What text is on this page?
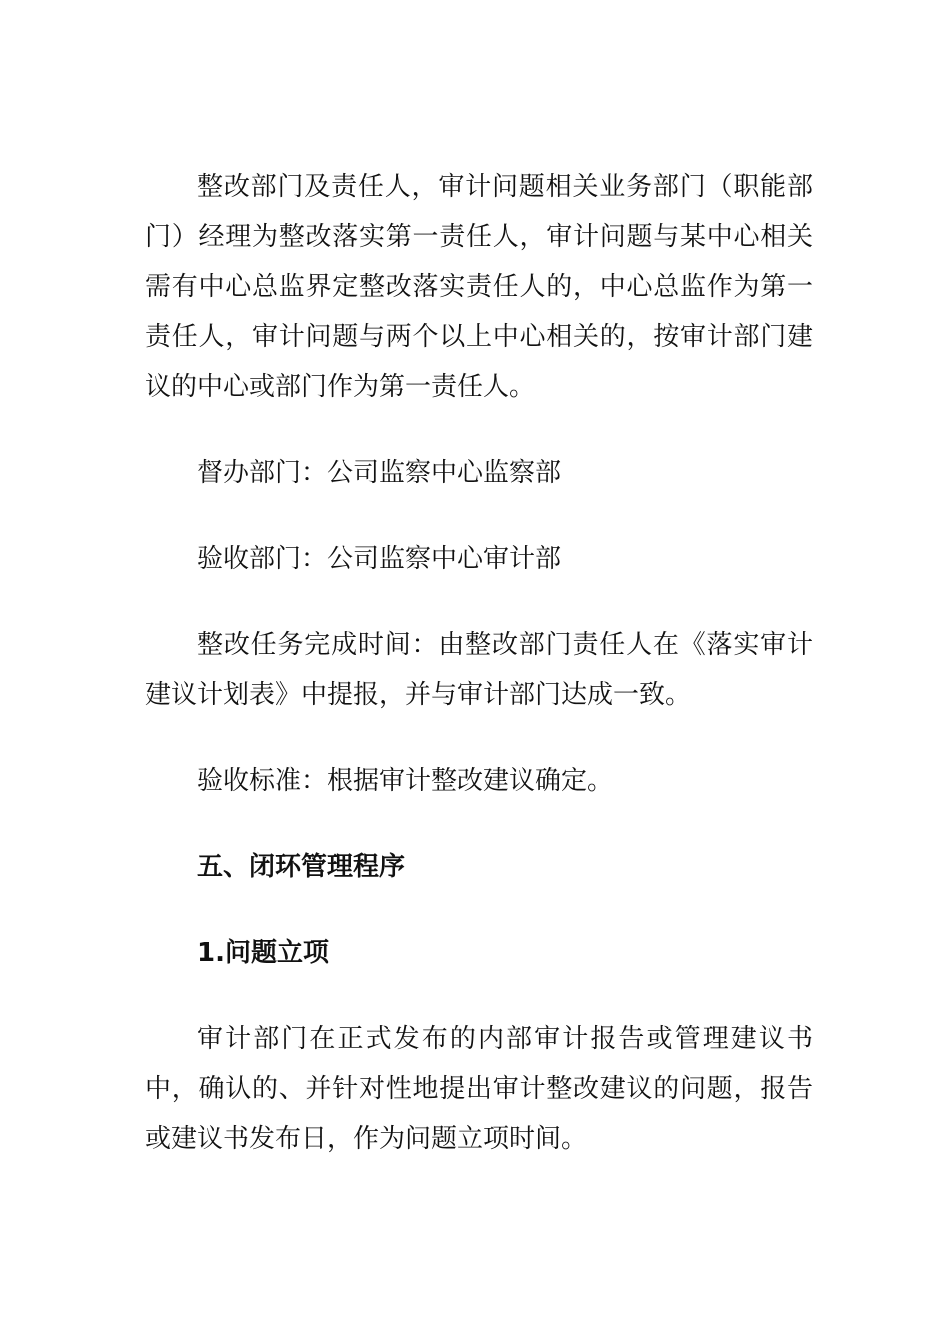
整改部门及责任人，审计问题相关业务部门（职能部门）经理为整改落实第一责任人，审计问题与某中心相关需有中心总监界定整改落实责任人的，中心总监作为第一责任人，审计问题与两个以上中心相关的，按审计部门建议的中心或部门作为第一责任人。

督办部门：公司监察中心监察部

验收部门：公司监察中心审计部

整改任务完成时间：由整改部门责任人在《落实审计建议计划表》中提报，并与审计部门达成一致。

验收标准：根据审计整改建议确定。

五、闭环管理程序

1.问题立项

审计部门在正式发布的内部审计报告或管理建议书中，确认的、并针对性地提出审计整改建议的问题，报告或建议书发布日，作为问题立项时间。
